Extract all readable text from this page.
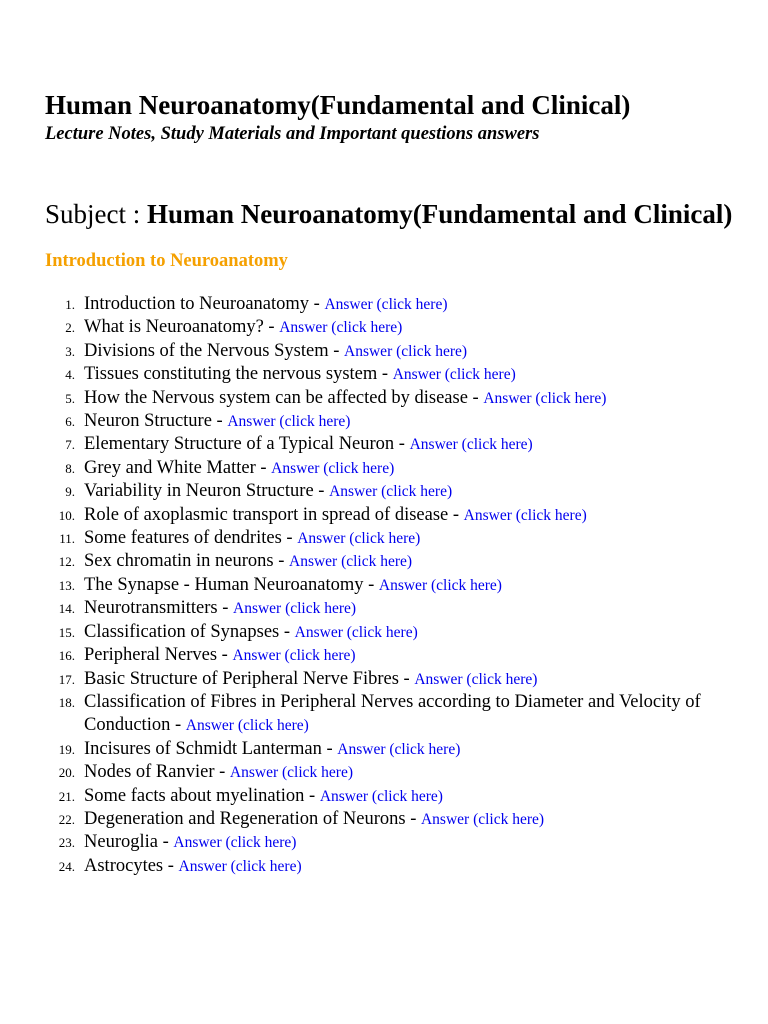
Human Neuroanatomy(Fundamental and Clinical)

Lecture Notes, Study Materials and Important questions answers

Subject : Human Neuroanatomy(Fundamental and Clinical)
Introduction to Neuroanatomy
1. Introduction to Neuroanatomy - Answer (click here)
2. What is Neuroanatomy? - Answer (click here)
3. Divisions of the Nervous System - Answer (click here)
4. Tissues constituting the nervous system - Answer (click here)
5. How the Nervous system can be affected by disease - Answer (click here)
6. Neuron Structure - Answer (click here)
7. Elementary Structure of a Typical Neuron - Answer (click here)
8. Grey and White Matter - Answer (click here)
9. Variability in Neuron Structure - Answer (click here)
10. Role of axoplasmic transport in spread of disease - Answer (click here)
11. Some features of dendrites - Answer (click here)
12. Sex chromatin in neurons - Answer (click here)
13. The Synapse - Human Neuroanatomy - Answer (click here)
14. Neurotransmitters - Answer (click here)
15. Classification of Synapses - Answer (click here)
16. Peripheral Nerves - Answer (click here)
17. Basic Structure of Peripheral Nerve Fibres - Answer (click here)
18. Classification of Fibres in Peripheral Nerves according to Diameter and Velocity of Conduction - Answer (click here)
19. Incisures of Schmidt Lanterman - Answer (click here)
20. Nodes of Ranvier - Answer (click here)
21. Some facts about myelination - Answer (click here)
22. Degeneration and Regeneration of Neurons - Answer (click here)
23. Neuroglia - Answer (click here)
24. Astrocytes - Answer (click here)
